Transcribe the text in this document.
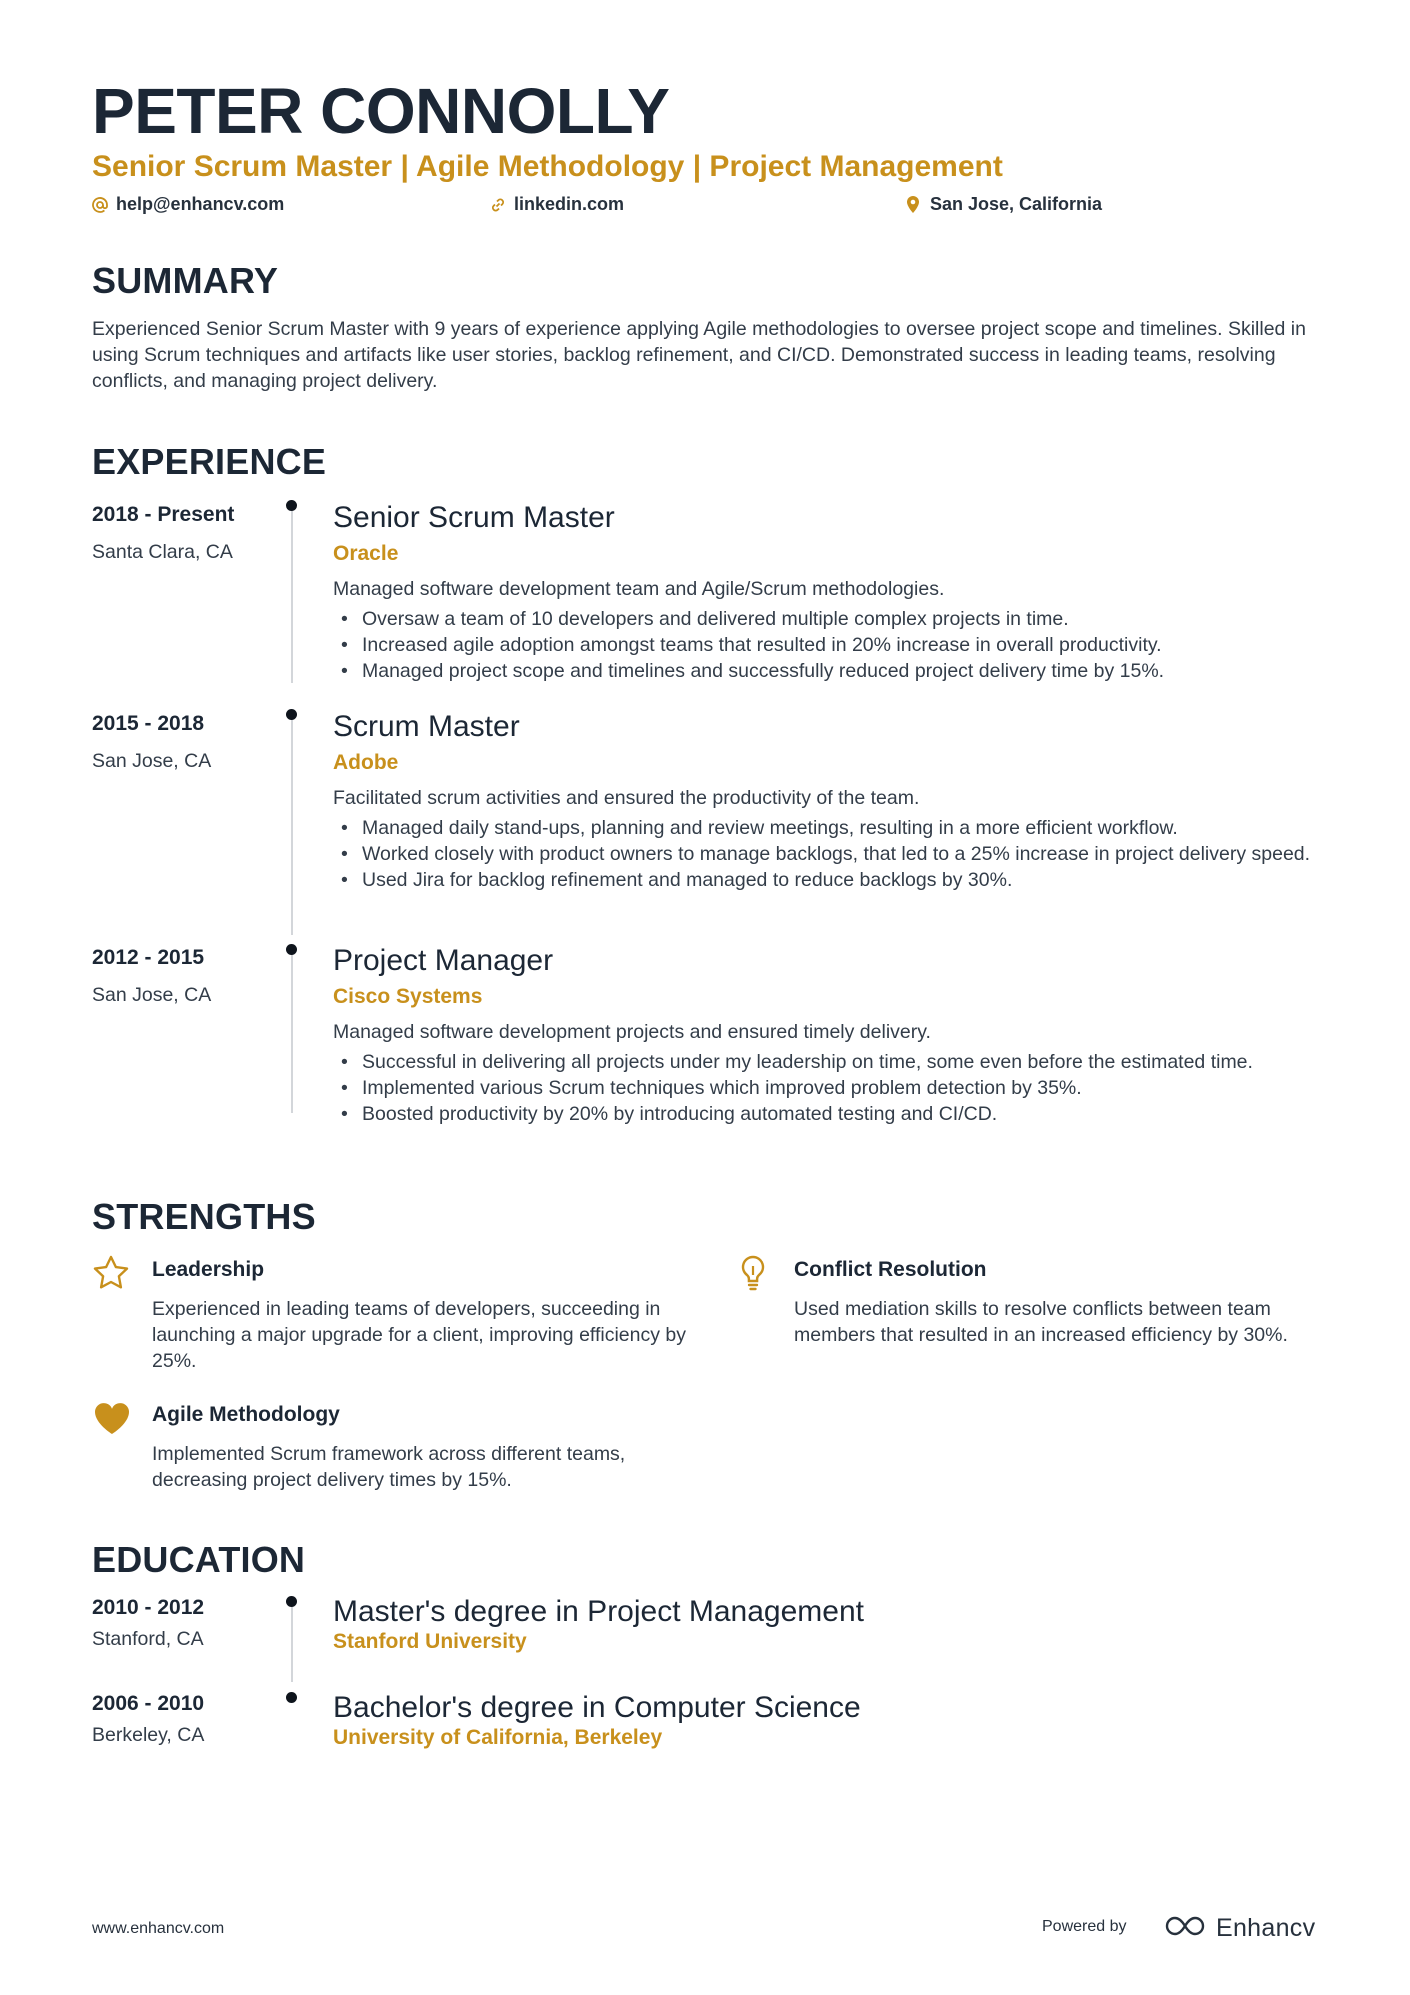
PETER CONNOLLY
Senior Scrum Master | Agile Methodology | Project Management
help@enhancv.com	linkedin.com	San Jose, California
SUMMARY

Experienced Senior Scrum Master with 9 years of experience applying Agile methodologies to oversee project scope and timelines. Skilled in using Scrum techniques and artifacts like user stories, backlog refinement, and CI/CD. Demonstrated success in leading teams, resolving conflicts, and managing project delivery.

EXPERIENCE
2018 - Present
Santa Clara, CA
Senior Scrum Master
Oracle
Managed software development team and Agile/Scrum methodologies.
• Oversaw a team of 10 developers and delivered multiple complex projects in time.
• Increased agile adoption amongst teams that resulted in 20% increase in overall productivity.
• Managed project scope and timelines and successfully reduced project delivery time by 15%.
2015 - 2018
San Jose, CA
Scrum Master
Adobe
Facilitated scrum activities and ensured the productivity of the team.
• Managed daily stand-ups, planning and review meetings, resulting in a more efficient workflow.
• Worked closely with product owners to manage backlogs, that led to a 25% increase in project delivery speed.
• Used Jira for backlog refinement and managed to reduce backlogs by 30%.
2012 - 2015
San Jose, CA
Project Manager
Cisco Systems
Managed software development projects and ensured timely delivery.
• Successful in delivering all projects under my leadership on time, some even before the estimated time.
• Implemented various Scrum techniques which improved problem detection by 35%.
• Boosted productivity by 20% by introducing automated testing and CI/CD.
STRENGTHS
Leadership
Experienced in leading teams of developers, succeeding in launching a major upgrade for a client, improving efficiency by 25%.
Conflict Resolution
Used mediation skills to resolve conflicts between team members that resulted in an increased efficiency by 30%.
Agile Methodology
Implemented Scrum framework across different teams, decreasing project delivery times by 15%.
EDUCATION
2010 - 2012
Stanford, CA
Master's degree in Project Management
Stanford University
2006 - 2010
Berkeley, CA
Bachelor's degree in Computer Science
University of California, Berkeley
www.enhancv.com	Powered by	Enhancv
